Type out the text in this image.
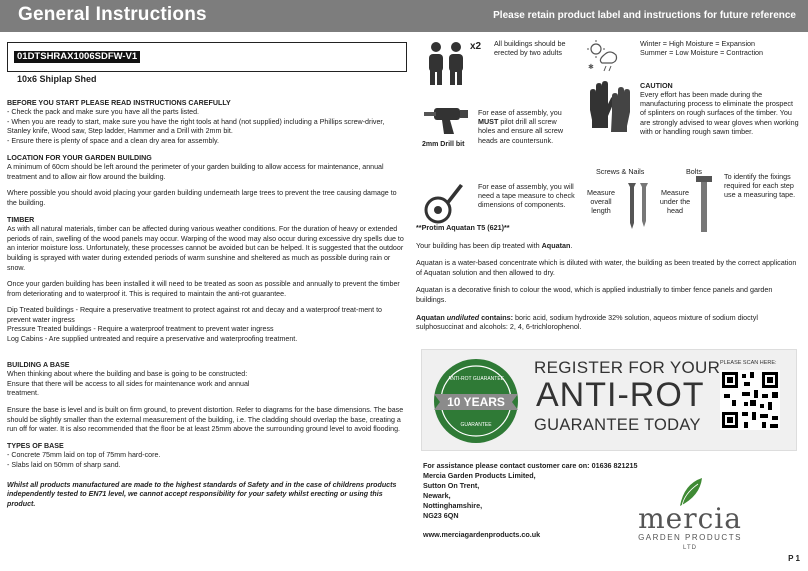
General Instructions	Please retain product label and instructions for future reference
01DTSHRAX1006SDFW-V1
10x6 Shiplap Shed
BEFORE YOU START PLEASE READ INSTRUCTIONS CAREFULLY
- Check the pack and make sure you have all the parts listed.
- When you are ready to start, make sure you have the right tools at hand (not supplied) including a Phillips screw-driver, Stanley knife, Wood saw, Step ladder, Hammer and a Drill with 2mm bit.
- Ensure there is plenty of space and a clean dry area for assembly.
LOCATION FOR YOUR GARDEN BUILDING
A minimum of 60cm should be left around the perimeter of your garden building to allow access for maintenance, annual treatment and to allow air flow around the building.
Where possible you should avoid placing your garden building underneath large trees to prevent the tree causing damage to the building.
TIMBER
As with all natural materials, timber can be affected during various weather conditions. For the duration of heavy or extended periods of rain, swelling of the wood panels may occur. Warping of the wood may also occur during excessive dry spells due to an interior moisture loss. Unfortunately, these processes cannot be avoided but can be helped. It is suggested that the outdoor building is sprayed with water during extended periods of warm sunshine and sheltered as much as possible during rain or snow.
Once your garden building has been installed it will need to be treated as soon as possible and annually to prevent the timber from deteriorating and to waterproof it. This is required to maintain the anti-rot guarantee.
Dip Treated buildings - Require a preservative treatment to protect against rot and decay and a waterproof treat-ment to prevent water ingress
Pressure Treated buildings - Require a waterproof treatment to prevent water ingress
Log Cabins - Are supplied untreated and require a preservative and waterproofing treatment.
BUILDING A BASE
When thinking about where the building and base is going to be constructed:
Ensure that there will be access to all sides for maintenance work and annual
treatment.
Ensure the base is level and is built on firm ground, to prevent distortion. Refer to diagrams for the base dimensions. The base should be slightly smaller than the external measurement of the building, i.e. The cladding should overlap the base, creating a run off for water. It is also recommended that the floor be at least 25mm above the surrounding ground level to avoid flooding.
TYPES OF BASE
- Concrete 75mm laid on top of 75mm hard-core.
- Slabs laid on 50mm of sharp sand.
Whilst all products manufactured are made to the highest standards of Safety and in the case of childrens products independently tested to EN71 level, we cannot accept responsibility for your safety whilst erecting or using this product.
x2 All buildings should be erected by two adults
✱
Winter = High Moisture = Expansion
Summer = Low Moisture = Contraction
CAUTION
Every effort has been made during the manufacturing process to eliminate the prospect of splinters on rough surfaces of the timber. You are strongly advised to wear gloves when working with or handling rough sawn timber.
2mm Drill bit
For ease of assembly, you MUST pilot drill all screw holes and ensure all screw heads are countersunk.
For ease of assembly, you will need a tape measure to check dimensions of components.
Screws & Nails	Bolts
Measure overall length
Measure under the head
To identify the fixings required for each step use a measuring tape.
**Protim Aquatan T5 (621)**
Your building has been dip treated with Aquatan.
Aquatan is a water-based concentrate which is diluted with water, the building as been treated by the correct application of Aquatan solution and then allowed to dry.
Aquatan is a decorative finish to colour the wood, which is applied industrially to timber fence panels and garden buildings.
Aquatan undiluted contains: boric acid, sodium hydroxide 32% solution, aqueos mixture of sodium dioctyl sulphosuccinat and alcohols: 2, 4, 6-trichlorophenol.
10 YEARS
ANTI-ROT GUARANTEE
GUARANTEE
REGISTER FOR YOUR
ANTI-ROT
GUARANTEE TODAY
PLEASE SCAN HERE:
For assistance please contact customer care on: 01636 821215
Mercia Garden Products Limited,
Sutton On Trent,
Newark,
Nottinghamshire,
NG23 6QN
www.merciagardenproducts.co.uk	mercia
GARDEN PRODUCTS
LTD
P 1
